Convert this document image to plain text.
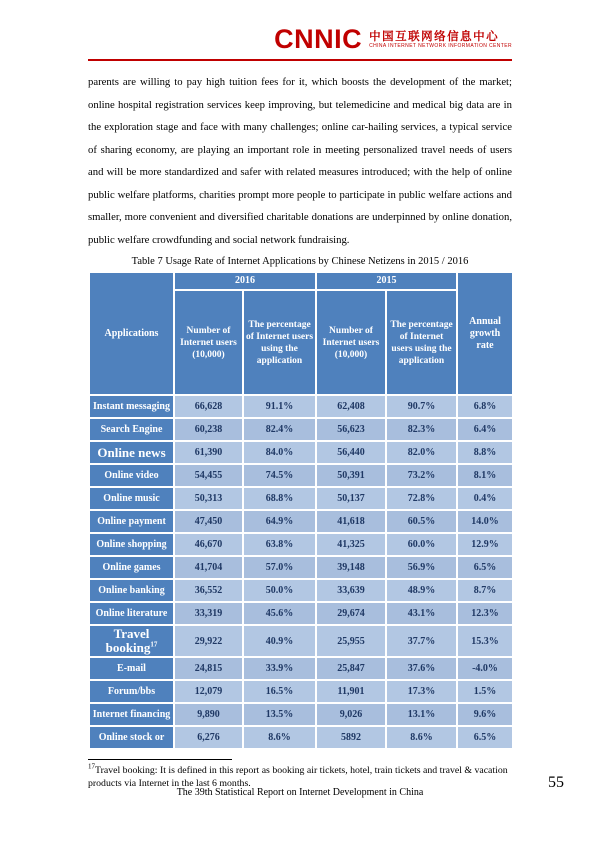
CNNIC 中国互联网络信息中心
CHINA INTERNET NETWORK INFORMATION CENTER
parents are willing to pay high tuition fees for it, which boosts the development of the market; online hospital registration services keep improving, but telemedicine and medical big data are in the exploration stage and face with many challenges; online car-hailing services, a typical service of sharing economy, are playing an important role in meeting personalized travel needs of users and will be more standardized and safer with related measures introduced; with the help of online public welfare platforms, charities prompt more people to participate in public welfare actions and smaller, more convenient and diversified charitable donations are underpinned by online donation, public welfare crowdfunding and social network fundraising.
Table 7 Usage Rate of Internet Applications by Chinese Netizens in 2015 / 2016
Applications	2016		2015		Annual growth rate
	Number of Internet users (10,000)	The percentage of Internet users using the application	Number of Internet users (10,000)	The percentage of Internet users using the application	
Instant messaging	66,628	91.1%	62,408	90.7%	6.8%
Search Engine	60,238	82.4%	56,623	82.3%	6.4%
Online news	61,390	84.0%	56,440	82.0%	8.8%
Online video	54,455	74.5%	50,391	73.2%	8.1%
Online music	50,313	68.8%	50,137	72.8%	0.4%
Online payment	47,450	64.9%	41,618	60.5%	14.0%
Online shopping	46,670	63.8%	41,325	60.0%	12.9%
Online games	41,704	57.0%	39,148	56.9%	6.5%
Online banking	36,552	50.0%	33,639	48.9%	8.7%
Online literature	33,319	45.6%	29,674	43.1%	12.3%
Travel booking$^{17}$	29,922	40.9%	25,955	37.7%	15.3%
E-mail	24,815	33.9%	25,847	37.6%	-4.0%
Forum/bbs	12,079	16.5%	11,901	17.3%	1.5%
Internet financing	9,890	13.5%	9,026	13.1%	9.6%
Online stock or	6,276	8.6%	5892	8.6%	6.5%
$^{17}$Travel booking: It is defined in this report as booking air tickets, hotel, train tickets and travel & vacation products via Internet in the last 6 months.
The 39th Statistical Report on Internet Development in China
55
